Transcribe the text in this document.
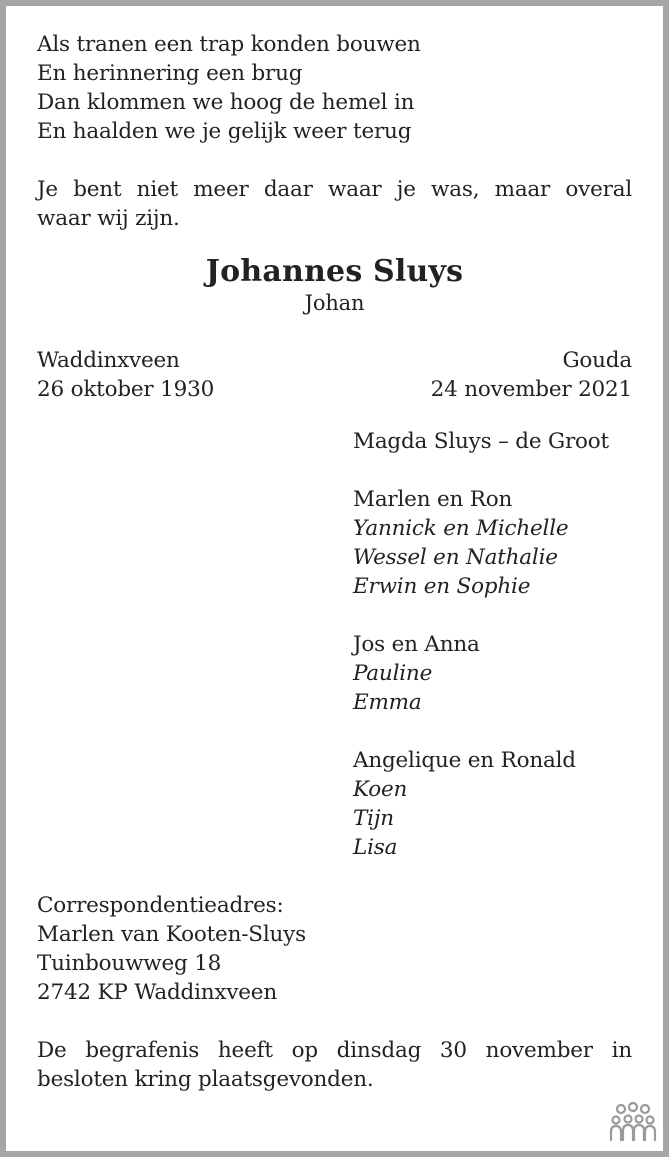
Als tranen een trap konden bouwen
En herinnering een brug
Dan klommen we hoog de hemel in
En haalden we je gelijk weer terug
Je bent niet meer daar waar je was, maar overal
waar wij zijn.
Johannes Sluys
Johan
Waddinxveen
26 oktober 1930
Gouda
24 november 2021
Magda Sluys – de Groot
Marlen en Ron
Yannick en Michelle
Wessel en Nathalie
Erwin en Sophie
Jos en Anna
Pauline
Emma
Angelique en Ronald
Koen
Tijn
Lisa
Correspondentieadres:
Marlen van Kooten-Sluys
Tuinbouwweg 18
2742 KP Waddinxveen
De begrafenis heeft op dinsdag 30 november in
besloten kring plaatsgevonden.
